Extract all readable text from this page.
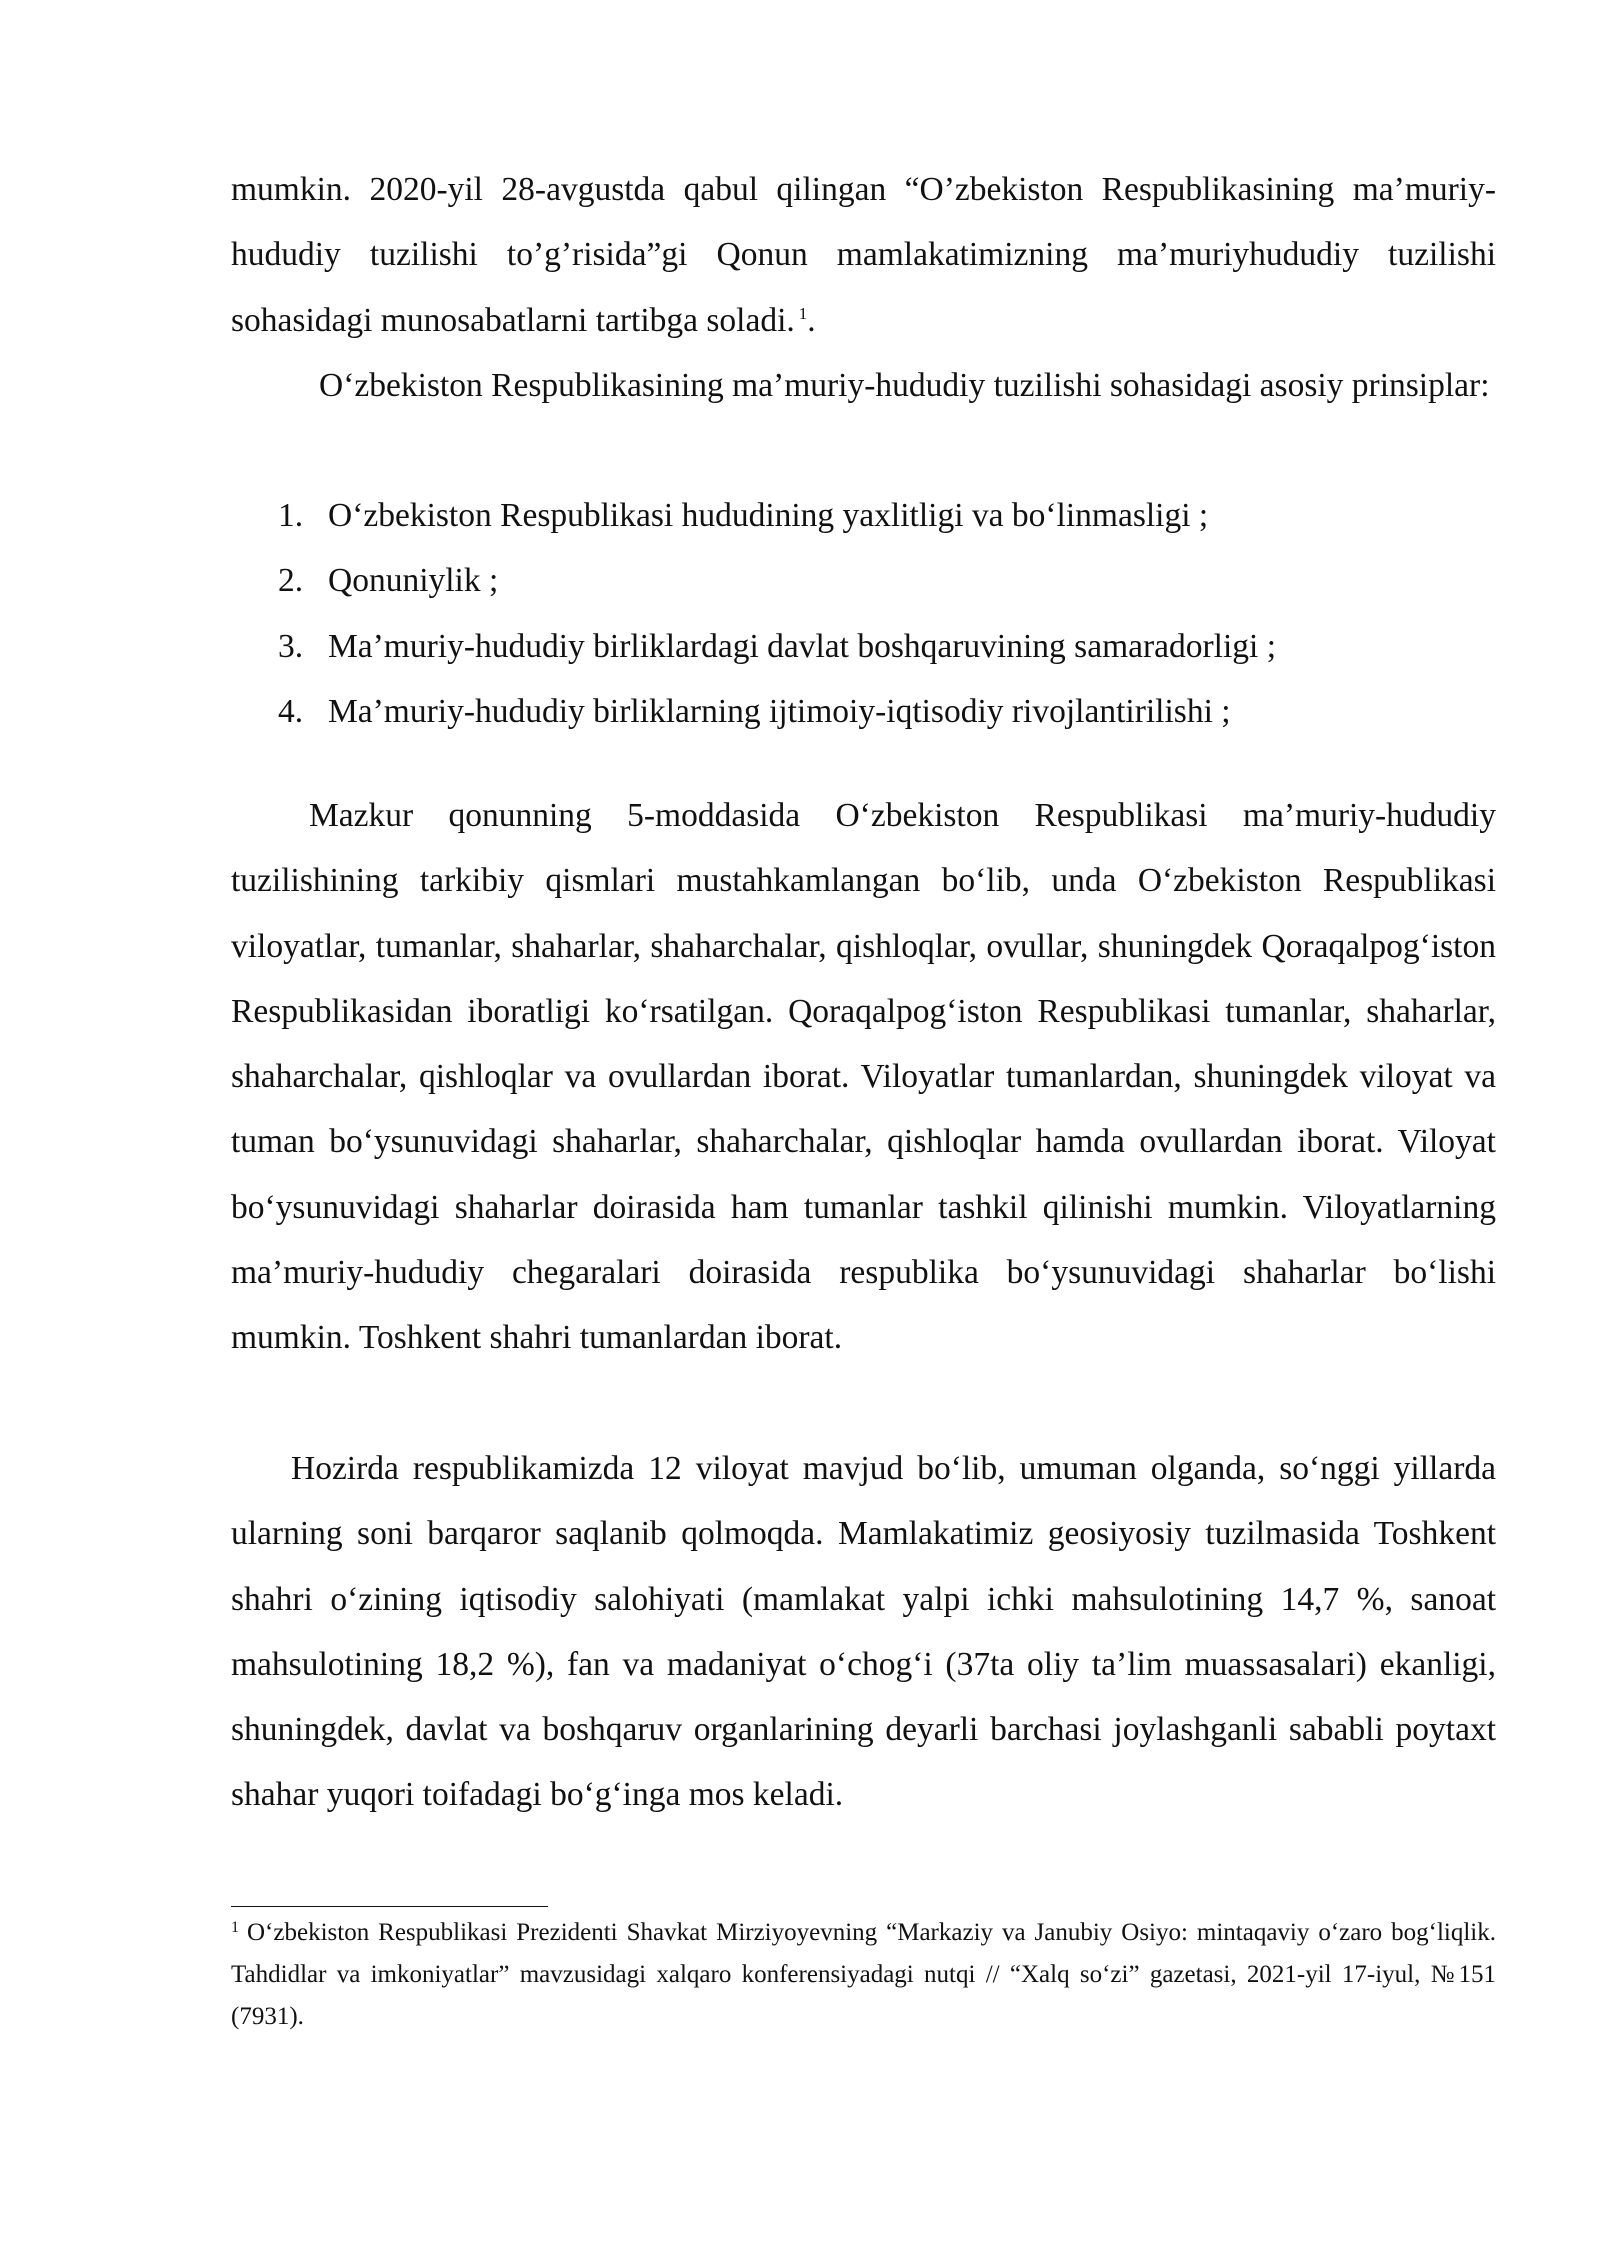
mumkin. 2020-yil 28-avgustda qabul qilingan “O’zbekiston Respublikasining ma’muriy-hududiy tuzilishi to’g’risida”gi Qonun mamlakatimizning ma’muriyhududiy tuzilishi sohasidagi munosabatlarni tartibga soladi. $^1$.

O‘zbekiston Respublikasining ma’muriy-hududiy tuzilishi sohasidagi asosiy prinsiplar:

1. O‘zbekiston Respublikasi hududining yaxlitligi va bo‘linmasligi ;
2. Qonuniylik ;
3. Ma’muriy-hududiy birliklardagi davlat boshqaruvining samaradorligi ;
4. Ma’muriy-hududiy birliklarning ijtimoiy-iqtisodiy rivojlantirilishi ;

Mazkur qonunning 5-moddasida O‘zbekiston Respublikasi ma’muriy-hududiy tuzilishining tarkibiy qismlari mustahkamlangan bo‘lib, unda O‘zbekiston Respublikasi viloyatlar, tumanlar, shaharlar, shaharchalar, qishloqlar, ovullar, shuningdek Qoraqalpog‘iston Respublikasidan iboratligi ko‘rsatilgan. Qoraqalpog‘iston Respublikasi tumanlar, shaharlar, shaharchalar, qishloqlar va ovullardan iborat. Viloyatlar tumanlardan, shuningdek viloyat va tuman bo‘ysunuvidagi shaharlar, shaharchalar, qishloqlar hamda ovullardan iborat. Viloyat bo‘ysunuvidagi shaharlar doirasida ham tumanlar tashkil qilinishi mumkin. Viloyatlarning ma’muriy-hududiy chegaralari doirasida respublika bo‘ysunuvidagi shaharlar bo‘lishi mumkin. Toshkent shahri tumanlardan iborat.

Hozirda respublikamizda 12 viloyat mavjud bo‘lib, umuman olganda, so‘nggi yillarda ularning soni barqaror saqlanib qolmoqda. Mamlakatimiz geosiyosiy tuzilmasida Toshkent shahri o‘zining iqtisodiy salohiyati (mamlakat yalpi ichki mahsulotining 14,7 %, sanoat mahsulotining 18,2 %), fan va madaniyat o‘chog‘i (37ta oliy ta’lim muassasalari) ekanligi, shuningdek, davlat va boshqaruv organlarining deyarli barchasi joylashganli sababli poytaxt shahar yuqori toifadagi bo‘g‘inga mos keladi.

$^1$ O‘zbekiston Respublikasi Prezidenti Shavkat Mirziyoyevning “Markaziy va Janubiy Osiyo: mintaqaviy o‘zaro bog‘liqlik. Tahdidlar va imkoniyatlar” mavzusidagi xalqaro konferensiyadagi nutqi // “Xalq so‘zi” gazetasi, 2021-yil 17-iyul, №151 (7931).
